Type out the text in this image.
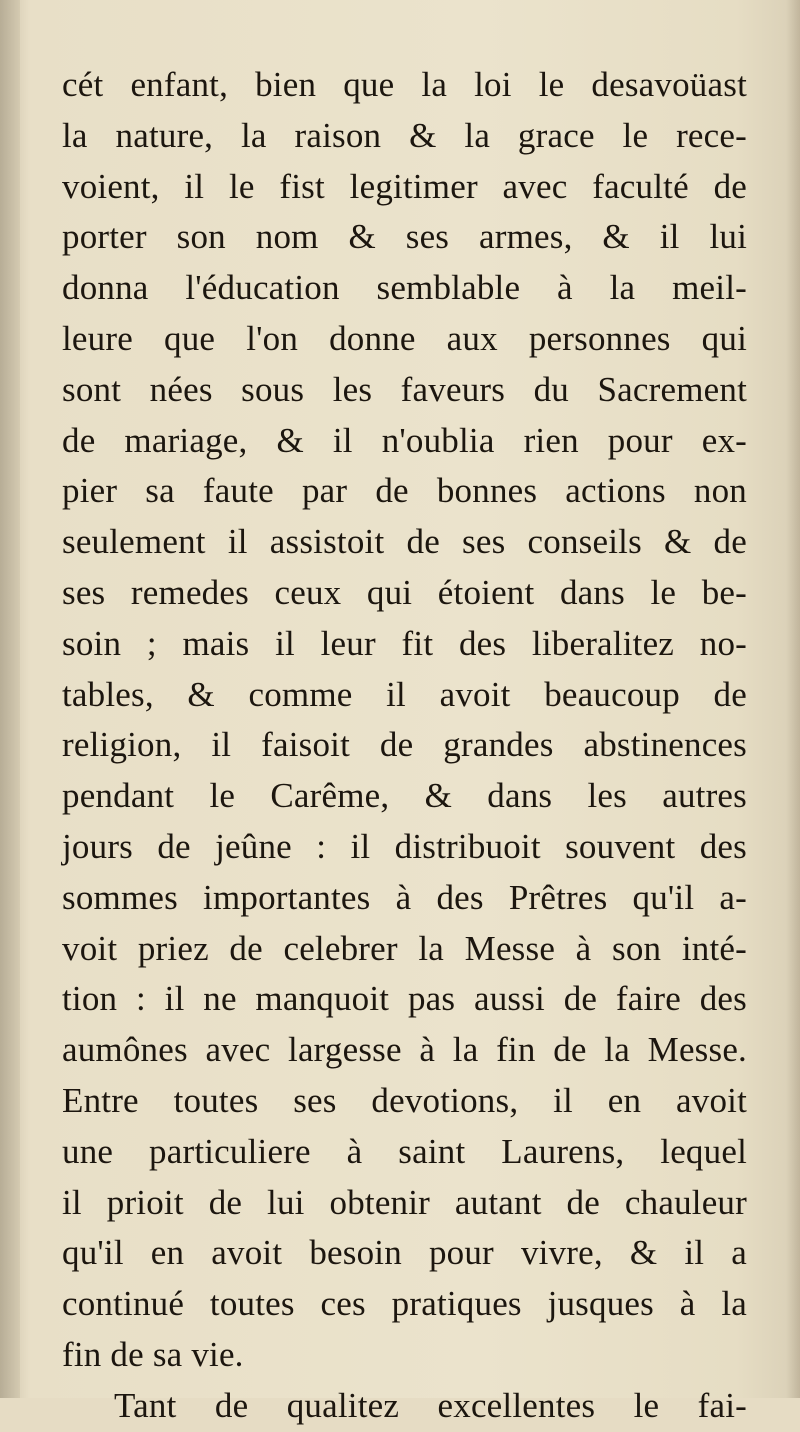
cét enfant, bien que la loi le desavoüast
la nature, la raison & la grace le rece-
voient, il le fist legitimer avec faculté de
porter son nom & ses armes, & il lui
donna l'éducation semblable à la meil-
leure que l'on donne aux personnes qui
sont nées sous les faveurs du Sacrement
de mariage, & il n'oublia rien pour ex-
pier sa faute par de bonnes actions non
seulement il assistoit de ses conseils & de
ses remedes ceux qui étoient dans le be-
soin ; mais il leur fit des liberalitez no-
tables, & comme il avoit beaucoup de
religion, il faisoit de grandes abstinences
pendant le Carême, & dans les autres
jours de jeûne : il distribuoit souvent des
sommes importantes à des Prêtres qu'il a-
voit priez de celebrer la Messe à son inté-
tion : il ne manquoit pas aussi de faire des
aumônes avec largesse à la fin de la Messe.
Entre toutes ses devotions, il en avoit
une particuliere à saint Laurens, lequel
il prioit de lui obtenir autant de chauleur
qu'il en avoit besoin pour vivre, & il a
continué toutes ces pratiques jusques à la
fin de sa vie.
Tant de qualitez excellentes le fai-
